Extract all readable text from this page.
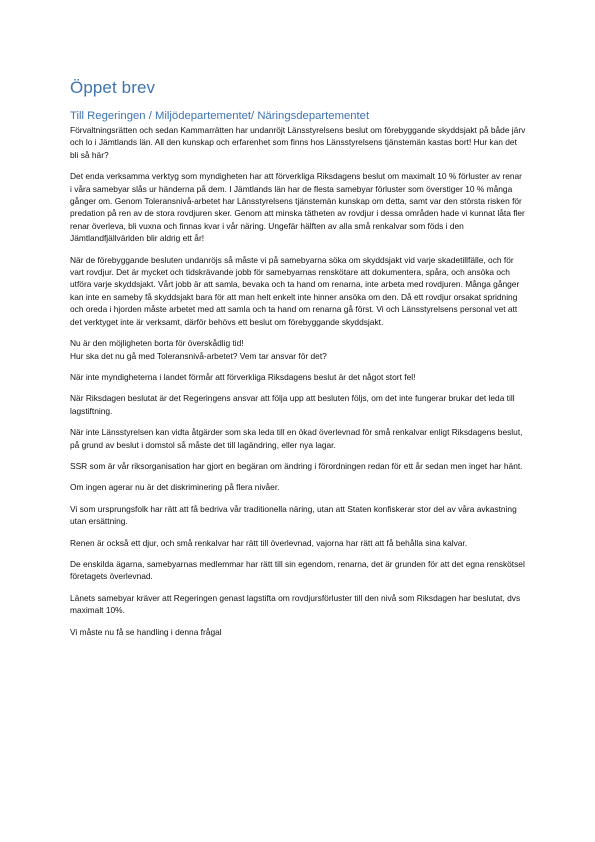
Öppet brev
Till Regeringen / Miljödepartementet/ Näringsdepartementet

Förvaltningsrätten och sedan Kammarrätten har undanröjt Länsstyrelsens beslut om förebyggande skyddsjakt på både järv och lo i Jämtlands län. All den kunskap och erfarenhet som finns hos Länsstyrelsens tjänstemän kastas bort! Hur kan det bli så här?

Det enda verksamma verktyg som myndigheten har att förverkliga Riksdagens beslut om maximalt 10 % förluster av renar i våra samebyar slås ur händerna på dem. I Jämtlands län har de flesta samebyar förluster som överstiger 10 % många gånger om. Genom Toleransnivå-arbetet har Länsstyrelsens tjänstemän kunskap om detta, samt var den största risken för predation på ren av de stora rovdjuren sker. Genom att minska tätheten av rovdjur i dessa områden hade vi kunnat låta fler renar överleva, bli vuxna och finnas kvar i vår näring. Ungefär hälften av alla små renkalvar som föds i den Jämtlandfjällvärlden blir aldrig ett år!

När de förebyggande besluten undanröjs så måste vi på samebyarna söka om skyddsjakt vid varje skadetillfälle, och för vart rovdjur. Det är mycket och tidskrävande jobb för samebyarnas renskötare att dokumentera, spåra, och ansöka och utföra varje skyddsjakt. Vårt jobb är att samla, bevaka och ta hand om renarna, inte arbeta med rovdjuren. Många gånger kan inte en sameby få skyddsjakt bara för att man helt enkelt inte hinner ansöka om den. Då ett rovdjur orsakat spridning och oreda i hjorden måste arbetet med att samla och ta hand om renarna gå först. Vi och Länsstyrelsens personal vet att det verktyget inte är verksamt, därför behövs ett beslut om förebyggande skyddsjakt.

Nu är den möjligheten borta för överskådlig tid!
Hur ska det nu gå med Toleransnivå-arbetet? Vem tar ansvar för det?

När inte myndigheterna i landet förmår att förverkliga Riksdagens beslut är det något stort fel!

När Riksdagen beslutat är det Regeringens ansvar att följa upp att besluten följs, om det inte fungerar brukar det leda till lagstiftning.

När inte Länsstyrelsen kan vidta åtgärder som ska leda till en ökad överlevnad för små renkalvar enligt Riksdagens beslut, på grund av beslut i domstol så måste det till lagändring, eller nya lagar.

SSR som är vår riksorganisation har gjort en begäran om ändring i förordningen redan för ett år sedan men inget har hänt.

Om ingen agerar nu är det diskriminering på flera nivåer.

Vi som ursprungsfolk har rätt att få bedriva vår traditionella näring, utan att Staten konfiskerar stor del av våra avkastning utan ersättning.

Renen är också ett djur, och små renkalvar har rätt till överlevnad, vajorna har rätt att få behålla sina kalvar.

De enskilda ägarna, samebyarnas medlemmar har rätt till sin egendom, renarna, det är grunden för att det egna renskötsel företagets överlevnad.

Länets samebyar kräver att Regeringen genast lagstifta om rovdjursförluster till den nivå som Riksdagen har beslutat, dvs maximalt 10%.

Vi måste nu få se handling i denna frågal
